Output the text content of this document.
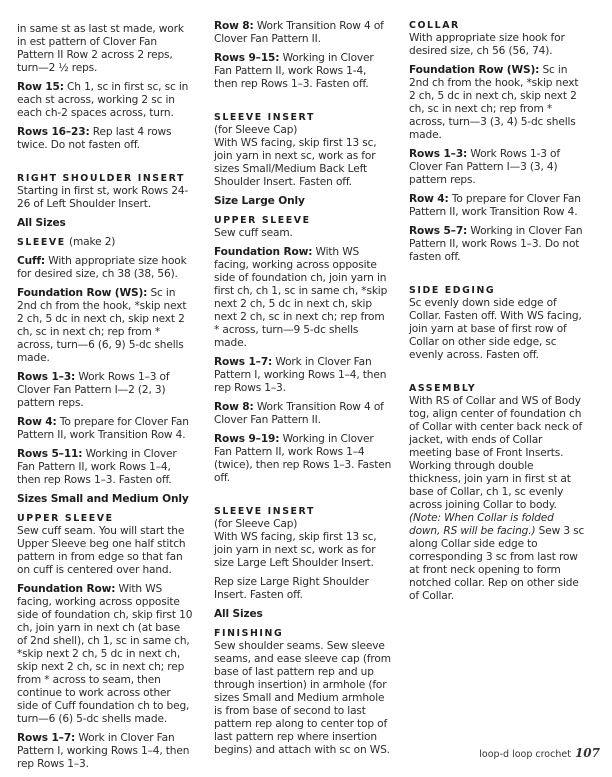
in same st as last st made, work in est pattern of Clover Fan Pattern II Row 2 across 2 reps, turn—2 ½ reps.

Row 15: Ch 1, sc in first sc, sc in each st across, working 2 sc in each ch-2 spaces across, turn.

Rows 16–23: Rep last 4 rows twice. Do not fasten off.

RIGHT SHOULDER INSERT

Starting in first st, work Rows 24-26 of Left Shoulder Insert.

All Sizes

SLEEVE (make 2)

Cuff: With appropriate size hook for desired size, ch 38 (38, 56).

Foundation Row (WS): Sc in 2nd ch from the hook, *skip next 2 ch, 5 dc in next ch, skip next 2 ch, sc in next ch; rep from * across, turn—6 (6, 9) 5-dc shells made.

Rows 1–3: Work Rows 1–3 of Clover Fan Pattern I—2 (2, 3) pattern reps.

Row 4: To prepare for Clover Fan Pattern II, work Transition Row 4.

Rows 5–11: Working in Clover Fan Pattern II, work Rows 1–4, then rep Rows 1–3. Fasten off.

Sizes Small and Medium Only

UPPER SLEEVE

Sew cuff seam. You will start the Upper Sleeve beg one half stitch pattern in from edge so that fan on cuff is centered over hand.

Foundation Row: With WS facing, working across opposite side of foundation ch, skip first 10 ch, join yarn in next ch (at base of 2nd shell), ch 1, sc in same ch, *skip next 2 ch, 5 dc in next ch, skip next 2 ch, sc in next ch; rep from * across to seam, then continue to work across other side of Cuff foundation ch to beg, turn—6 (6) 5-dc shells made.

Rows 1–7: Work in Clover Fan Pattern I, working Rows 1–4, then rep Rows 1–3.

Row 8: Work Transition Row 4 of Clover Fan Pattern II.

Rows 9–15: Working in Clover Fan Pattern II, work Rows 1-4, then rep Rows 1–3. Fasten off.

SLEEVE INSERT

(for Sleeve Cap)

With WS facing, skip first 13 sc, join yarn in next sc, work as for sizes Small/Medium Back Left Shoulder Insert. Fasten off.

Size Large Only

UPPER SLEEVE

Sew cuff seam.

Foundation Row: With WS facing, working across opposite side of foundation ch, join yarn in first ch, ch 1, sc in same ch, *skip next 2 ch, 5 dc in next ch, skip next 2 ch, sc in next ch; rep from * across, turn—9 5-dc shells made.

Rows 1–7: Work in Clover Fan Pattern I, working Rows 1–4, then rep Rows 1–3.

Row 8: Work Transition Row 4 of Clover Fan Pattern II.

Rows 9–19: Working in Clover Fan Pattern II, work Rows 1–4 (twice), then rep Rows 1–3. Fasten off.

SLEEVE INSERT

(for Sleeve Cap)

With WS facing, skip first 13 sc, join yarn in next sc, work as for size Large Left Shoulder Insert.

Rep size Large Right Shoulder Insert. Fasten off.

All Sizes

FINISHING

Sew shoulder seams. Sew sleeve seams, and ease sleeve cap (from base of last pattern rep and up through insertion) in armhole (for sizes Small and Medium armhole is from base of second to last pattern rep along to center top of last pattern rep where insertion begins) and attach with sc on WS.

COLLAR

With appropriate size hook for desired size, ch 56 (56, 74).

Foundation Row (WS): Sc in 2nd ch from the hook, *skip next 2 ch, 5 dc in next ch, skip next 2 ch, sc in next ch; rep from * across, turn—3 (3, 4) 5-dc shells made.

Rows 1–3: Work Rows 1-3 of Clover Fan Pattern I—3 (3, 4) pattern reps.

Row 4: To prepare for Clover Fan Pattern II, work Transition Row 4.

Rows 5–7: Working in Clover Fan Pattern II, work Rows 1–3. Do not fasten off.

SIDE EDGING

Sc evenly down side edge of Collar. Fasten off. With WS facing, join yarn at base of first row of Collar on other side edge, sc evenly across. Fasten off.

ASSEMBLY

With RS of Collar and WS of Body tog, align center of foundation ch of Collar with center back neck of jacket, with ends of Collar meeting base of Front Inserts. Working through double thickness, join yarn in first st at base of Collar, ch 1, sc evenly across joining Collar to body. (Note: When Collar is folded down, RS will be facing.) Sew 3 sc along Collar side edge to corresponding 3 sc from last row at front neck opening to form notched collar. Rep on other side of Collar.

loop-d loop crochet 107
